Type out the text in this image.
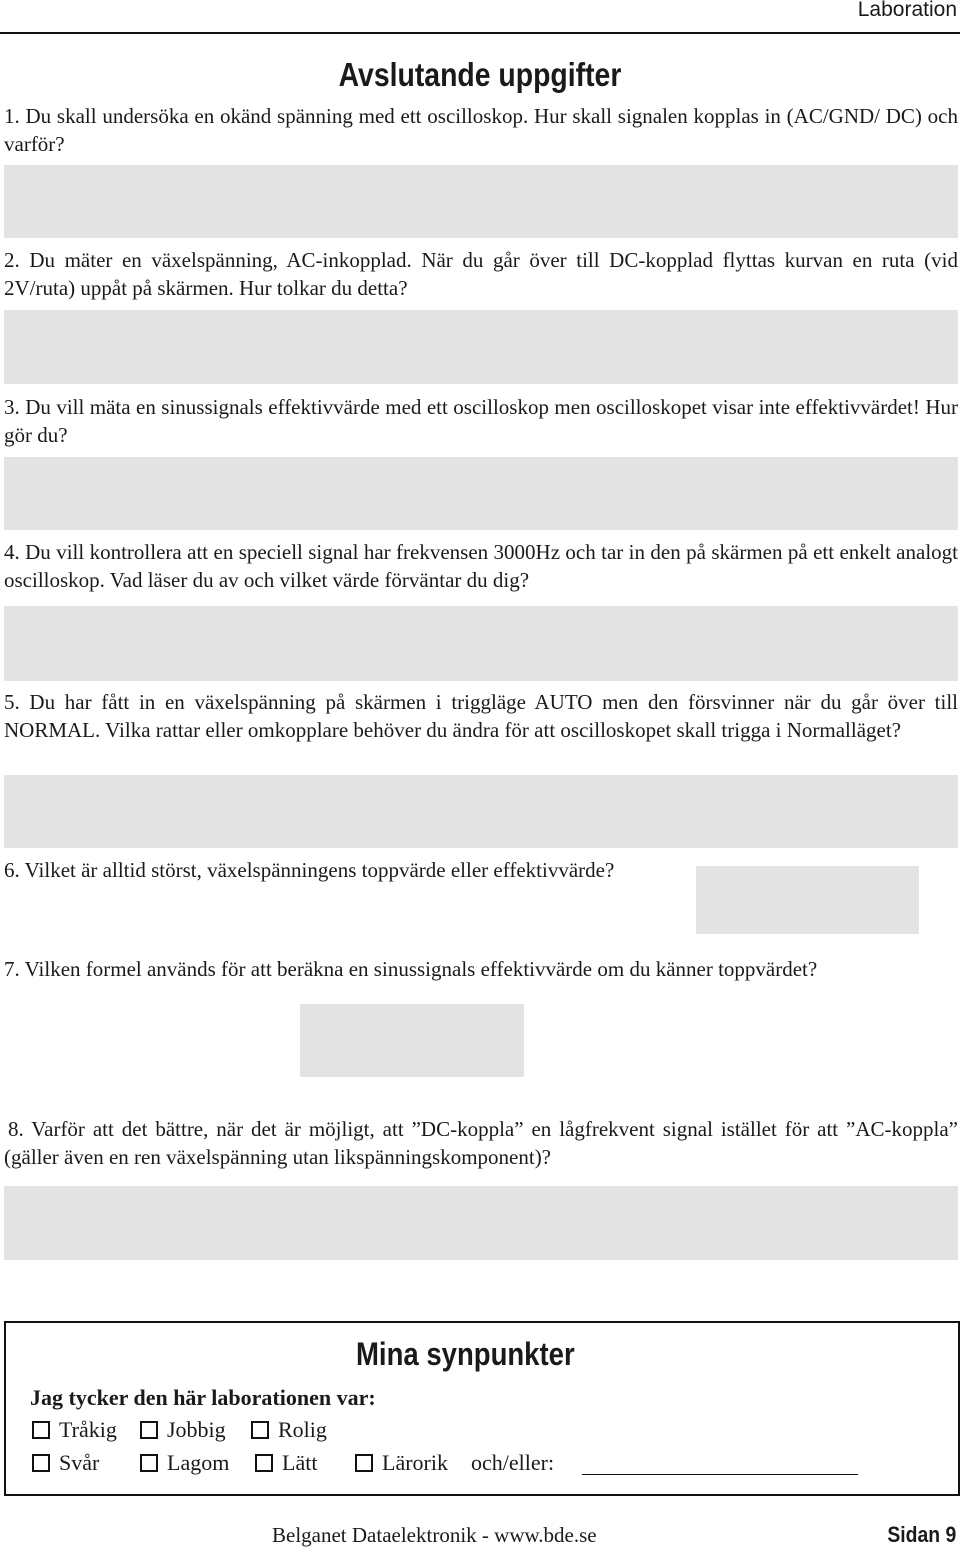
Laboration
Avslutande uppgifter
1. Du skall undersöka en okänd spänning med ett oscilloskop. Hur skall signalen kopplas in (AC/GND/ DC) och varför?
2. Du mäter en växelspänning, AC-inkopplad. När du går över till DC-kopplad flyttas kurvan en ruta (vid 2V/ruta) uppåt på skärmen. Hur tolkar du detta?
3. Du vill mäta en sinussignals effektivvärde med ett oscilloskop men oscilloskopet visar inte effektivvärdet! Hur gör du?
4. Du vill kontrollera att en speciell signal har frekvensen 3000Hz och tar in den på skärmen på ett enkelt analogt oscilloskop. Vad läser du av och vilket värde förväntar du dig?
5. Du har fått in en växelspänning på skärmen i triggläge AUTO men den försvinner när du går över till NORMAL. Vilka rattar eller omkopplare behöver du ändra för att oscilloskopet skall trigga i Normalläget?
6. Vilket är alltid störst, växelspänningens toppvärde eller effektivvärde?
7. Vilken formel används för att beräkna en sinussignals effektivvärde om du känner toppvärdet?
8. Varför att det bättre, när det är möjligt, att ”DC-koppla” en lågfrekvent signal istället för att ”AC-koppla” (gäller även en ren växelspänning utan likspänningskomponent)?
Mina synpunkter
Jag tycker den här laborationen var:
Tråkig Jobbig Rolig
Svår	Lagom Lätt	Lärorik och/eller:
Belganet Dataelektronik - www.bde.se	Sidan 9
